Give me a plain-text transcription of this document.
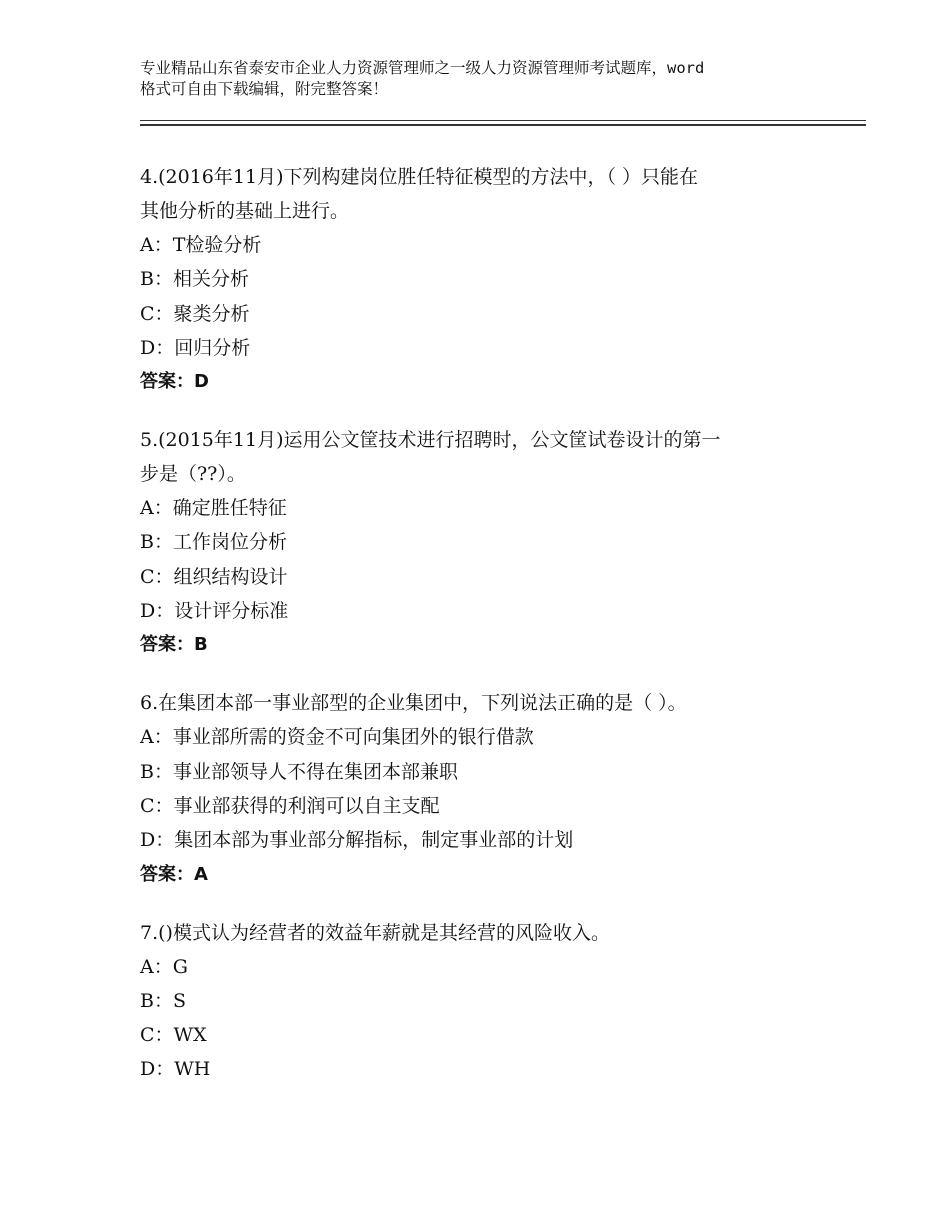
专业精品山东省泰安市企业人力资源管理师之一级人力资源管理师考试题库，word
格式可自由下载编辑，附完整答案！
4.(2016年11月)下列构建岗位胜任特征模型的方法中，（ ）只能在
其他分析的基础上进行。
A：T检验分析
B：相关分析
C：聚类分析
D：回归分析
答案：D
5.(2015年11月)运用公文筐技术进行招聘时，公文筐试卷设计的第一
步是（??）。
A：确定胜任特征
B：工作岗位分析
C：组织结构设计
D：设计评分标准
答案：B
6.在集团本部一事业部型的企业集团中，下列说法正确的是（ ）。
A：事业部所需的资金不可向集团外的银行借款
B：事业部领导人不得在集团本部兼职
C：事业部获得的利润可以自主支配
D：集团本部为事业部分解指标，制定事业部的计划
答案：A
7.()模式认为经营者的效益年薪就是其经营的风险收入。
A：G
B：S
C：WX
D：WH
